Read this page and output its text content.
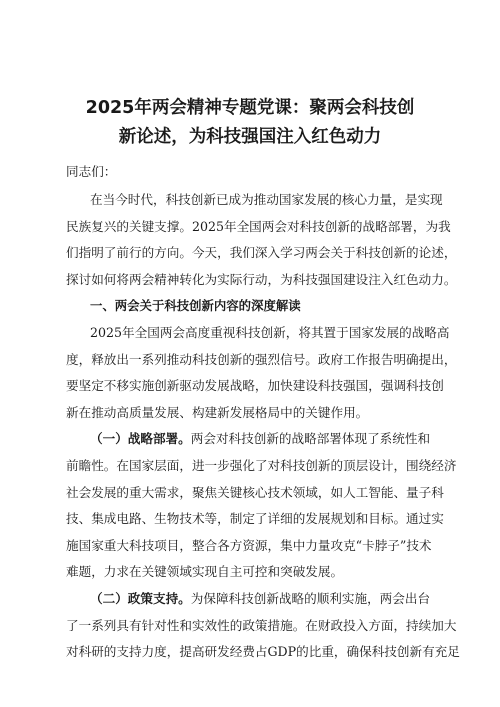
2025年两会精神专题党课：聚两会科技创
新论述，为科技强国注入红色动力
同志们：
在当今时代，科技创新已成为推动国家发展的核心力量，是实现
民族复兴的关键支撑。2025年全国两会对科技创新的战略部署，为我
们指明了前行的方向。今天，我们深入学习两会关于科技创新的论述，
探讨如何将两会精神转化为实际行动，为科技强国建设注入红色动力。
一、两会关于科技创新内容的深度解读
2025年全国两会高度重视科技创新，将其置于国家发展的战略高
度，释放出一系列推动科技创新的强烈信号。政府工作报告明确提出，
要坚定不移实施创新驱动发展战略，加快建设科技强国，强调科技创
新在推动高质量发展、构建新发展格局中的关键作用。
（一）战略部署。两会对科技创新的战略部署体现了系统性和
前瞻性。在国家层面，进一步强化了对科技创新的顶层设计，围绕经济
社会发展的重大需求，聚焦关键核心技术领域，如人工智能、量子科
技、集成电路、生物技术等，制定了详细的发展规划和目标。通过实
施国家重大科技项目，整合各方资源，集中力量攻克“卡脖子”技术
难题，力求在关键领域实现自主可控和突破发展。
（二）政策支持。为保障科技创新战略的顺利实施，两会出台
了一系列具有针对性和实效性的政策措施。在财政投入方面，持续加大
对科研的支持力度，提高研发经费占GDP的比重，确保科技创新有充足
